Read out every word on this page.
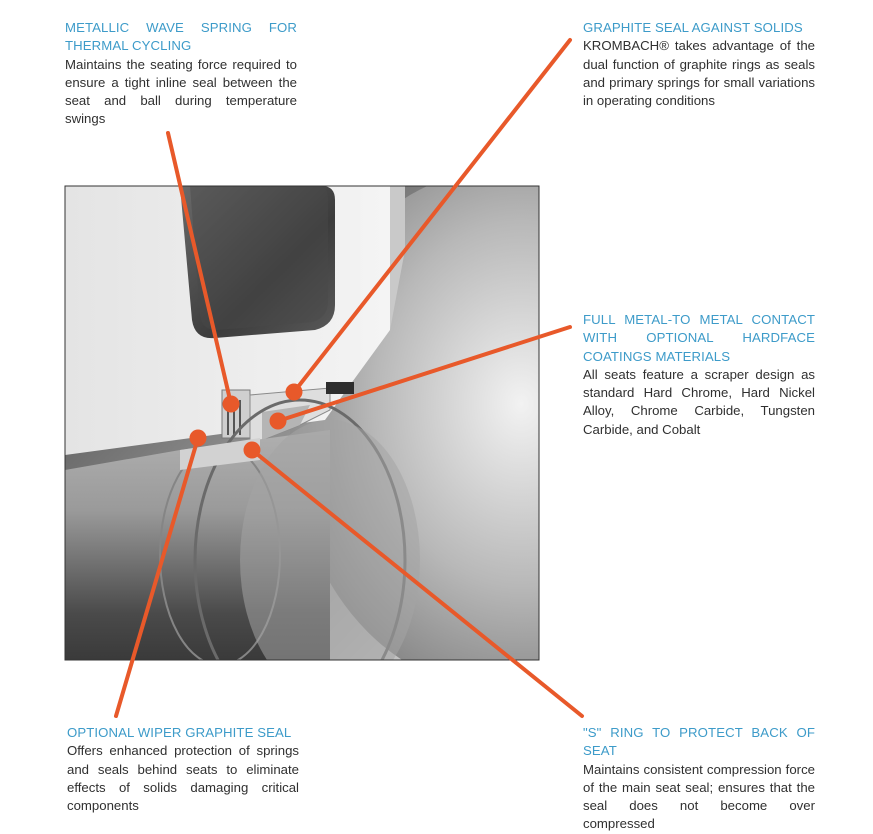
METALLIC WAVE SPRING FOR THERMAL CYCLING
Maintains the seating force required to ensure a tight inline seal between the seat and ball during temperature swings
GRAPHITE SEAL AGAINST SOLIDS
KROMBACH® takes advantage of the dual function of graphite rings as seals and primary springs for small variations in operating conditions
FULL METAL-TO METAL CONTACT WITH OPTIONAL HARDFACE COATINGS MATERIALS
All seats feature a scraper design as standard Hard Chrome, Hard Nickel Alloy, Chrome Carbide, Tungsten Carbide, and Cobalt
OPTIONAL WIPER GRAPHITE SEAL
Offers enhanced protection of springs and seals behind seats to eliminate effects of solids damaging critical components
"S" RING TO PROTECT BACK OF SEAT
Maintains consistent compression force of the main seat seal; ensures that the seal does not become over compressed
